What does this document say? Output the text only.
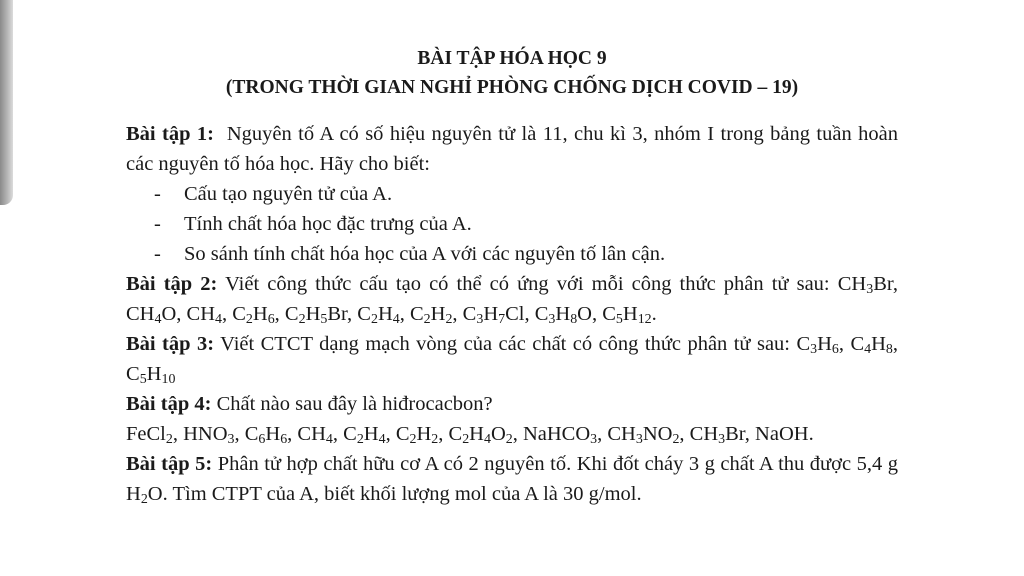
BÀI TẬP HÓA HỌC 9

(TRONG THỜI GIAN NGHỈ PHÒNG CHỐNG DỊCH COVID – 19)

Bài tập 1: Nguyên tố A có số hiệu nguyên tử là 11, chu kì 3, nhóm I trong bảng tuần hoàn các nguyên tố hóa học. Hãy cho biết:

- Cấu tạo nguyên tử của A.
- Tính chất hóa học đặc trưng của A.
- So sánh tính chất hóa học của A với các nguyên tố lân cận.

Bài tập 2: Viết công thức cấu tạo có thể có ứng với mỗi công thức phân tử sau: $CH_3Br$, $CH_4O$, $CH_4$, $C_2H_6$, $C_2H_5Br$, $C_2H_4$, $C_2H_2$, $C_3H_7Cl$, $C_3H_8O$, $C_5H_{12}$.

Bài tập 3: Viết CTCT dạng mạch vòng của các chất có công thức phân tử sau: $C_3H_6$, $C_4H_8$, $C_5H_{10}$

Bài tập 4: Chất nào sau đây là hiđrocacbon?
FeCl$_2$, $HNO_3$, $C_6H_6$, $CH_4$, $C_2H_4$, $C_2H_2$, $C_2H_4O_2$, NaHCO$_3$, $CH_3NO_2$, $CH_3Br$, NaOH.

Bài tập 5: Phân tử hợp chất hữu cơ A có 2 nguyên tố. Khi đốt cháy 3 g chất A thu được 5,4 g $H_2O$. Tìm CTPT của A, biết khối lượng mol của A là 30 g/mol.
